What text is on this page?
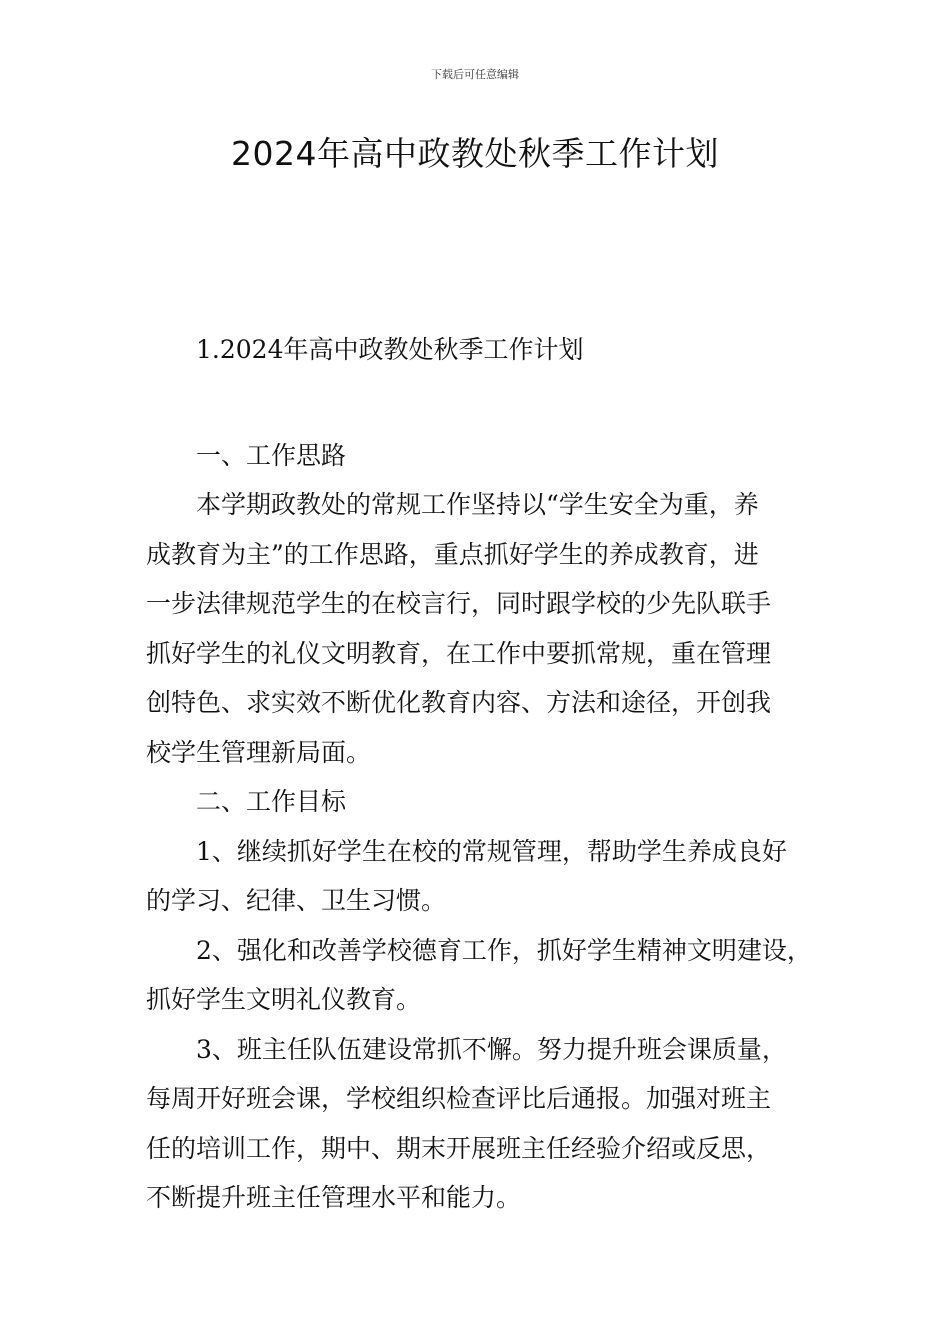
下载后可任意编辑
2024年高中政教处秋季工作计划
1.2024年高中政教处秋季工作计划
一、工作思路
本学期政教处的常规工作坚持以“学生安全为重，养
成教育为主”的工作思路，重点抓好学生的养成教育，进
一步法律规范学生的在校言行，同时跟学校的少先队联手
抓好学生的礼仪文明教育，在工作中要抓常规，重在管理
创特色、求实效不断优化教育内容、方法和途径，开创我
校学生管理新局面。
二、工作目标
1、继续抓好学生在校的常规管理，帮助学生养成良好
的学习、纪律、卫生习惯。
2、强化和改善学校德育工作，抓好学生精神文明建设，
抓好学生文明礼仪教育。
3、班主任队伍建设常抓不懈。努力提升班会课质量，
每周开好班会课，学校组织检查评比后通报。加强对班主
任的培训工作，期中、期末开展班主任经验介绍或反思，
不断提升班主任管理水平和能力。
